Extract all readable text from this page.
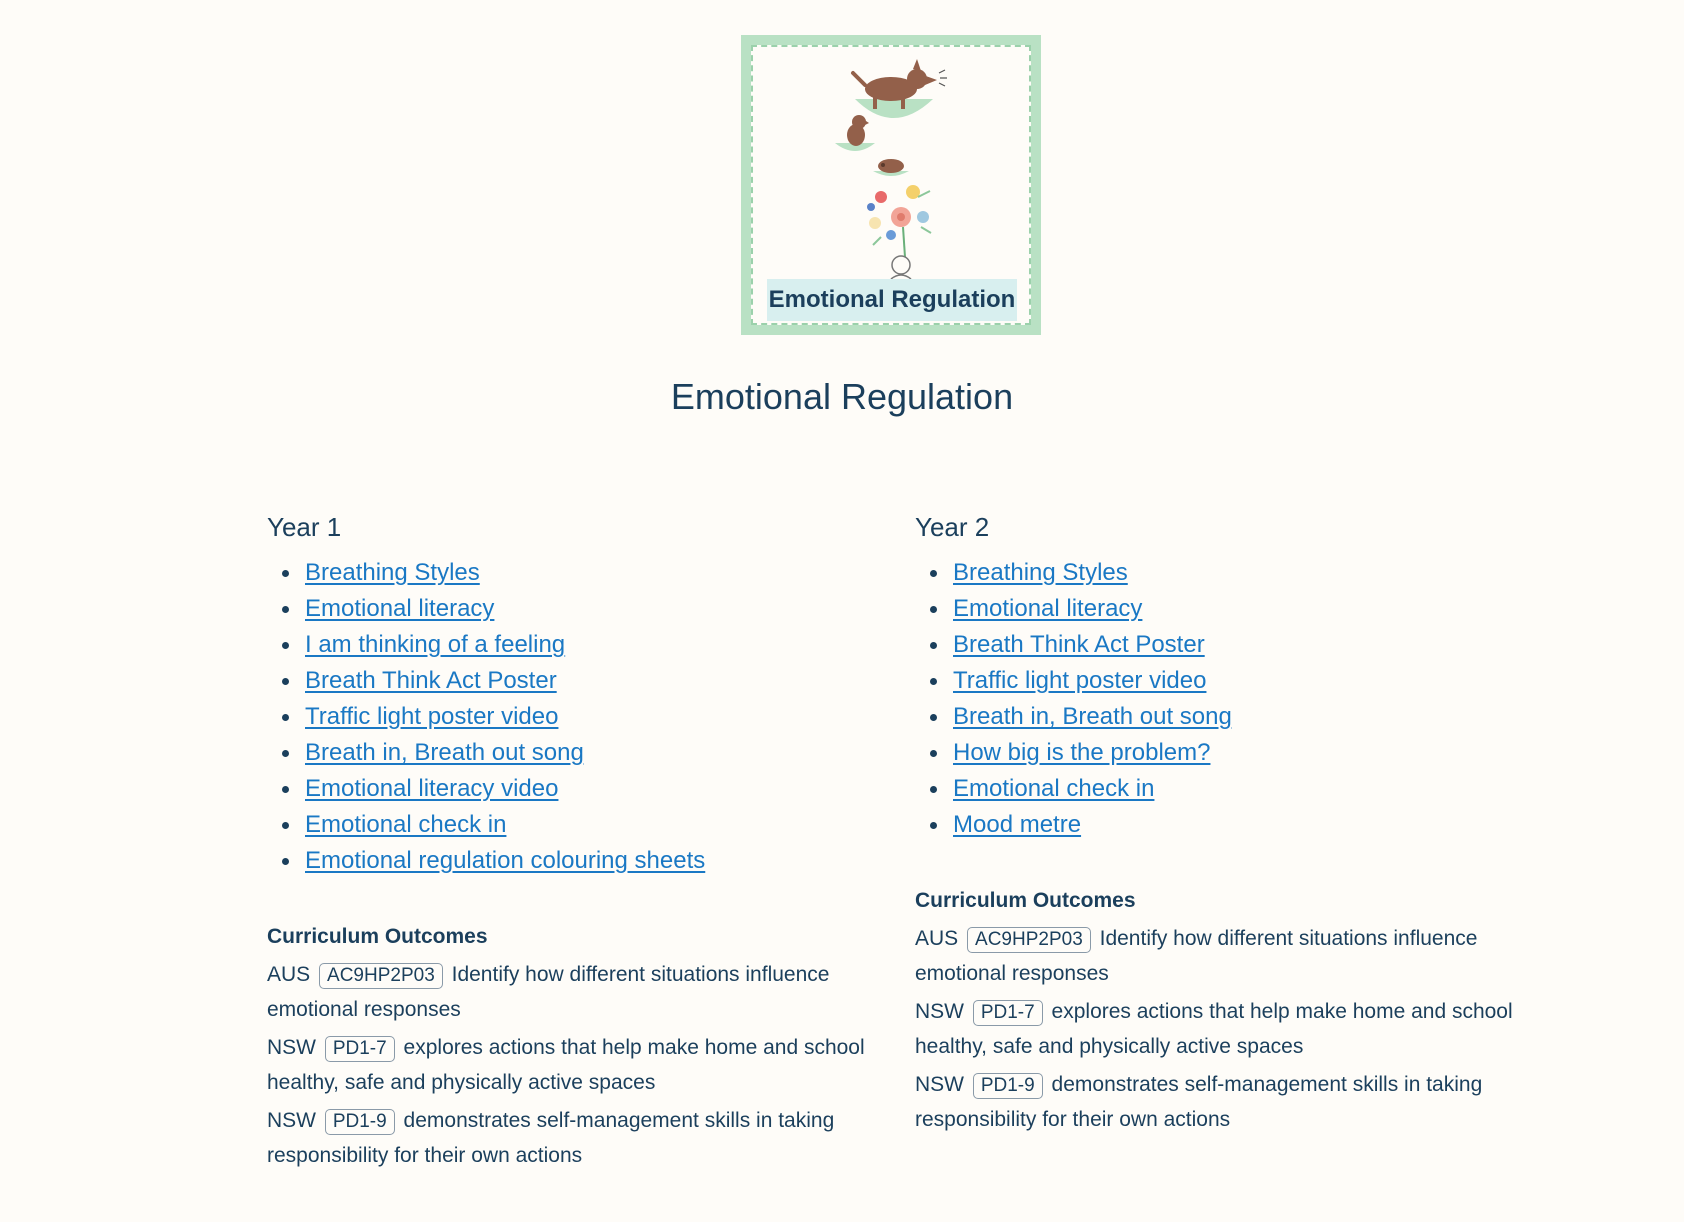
Emotional Regulation
Emotional Regulation
Year 1
Breathing Styles
Emotional literacy
I am thinking of a feeling
Breath Think Act Poster
Traffic light poster video
Breath in, Breath out song
Emotional literacy video
Emotional check in
Emotional regulation colouring sheets
Curriculum Outcomes
AUS AC9HP2P03 Identify how different situations influence emotional responses
NSW PD1-7 explores actions that help make home and school healthy, safe and physically active spaces
NSW PD1-9 demonstrates self-management skills in taking responsibility for their own actions
Year 2
Breathing Styles
Emotional literacy
Breath Think Act Poster
Traffic light poster video
Breath in, Breath out song
How big is the problem?
Emotional check in
Mood metre
Curriculum Outcomes
AUS AC9HP2P03 Identify how different situations influence emotional responses
NSW PD1-7 explores actions that help make home and school healthy, safe and physically active spaces
NSW PD1-9 demonstrates self-management skills in taking responsibility for their own actions
